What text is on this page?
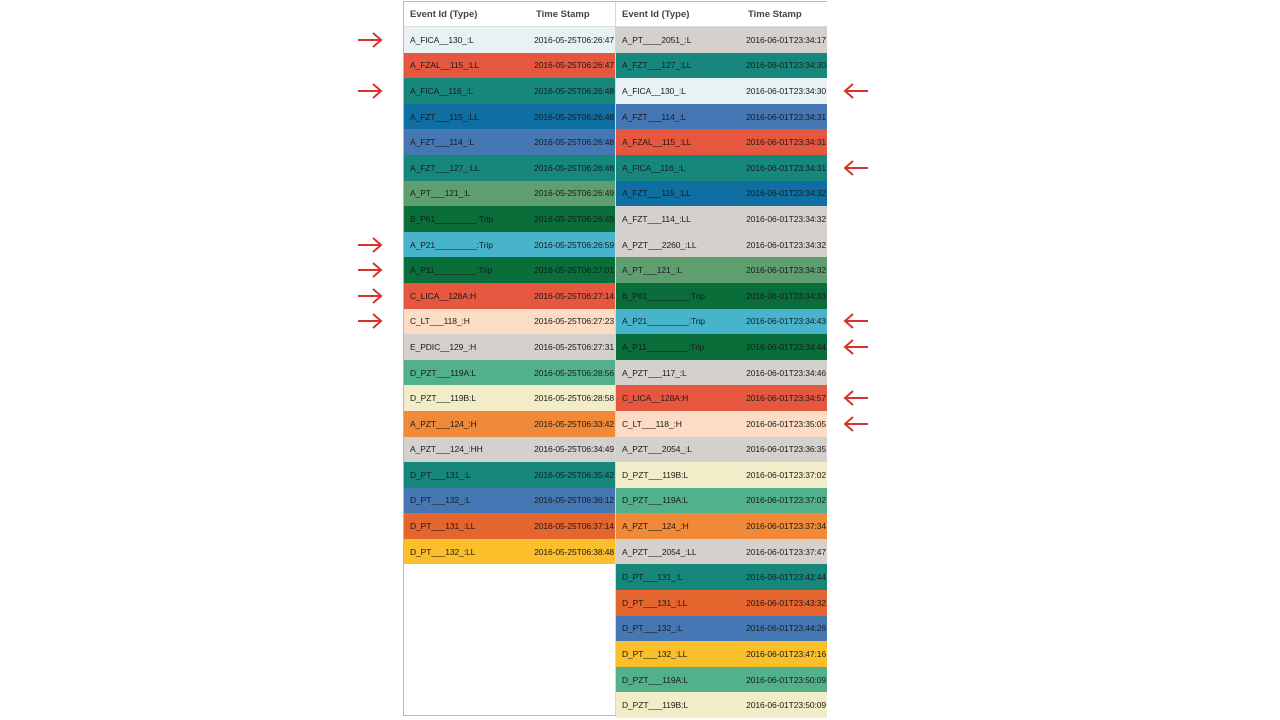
Event Id (Type)	Time Stamp
A_FICA__130_:L	2016-05-25T06:26:47
A_FZAL__115_:LL	2016-05-25T06:26:47
A_FICA__116_:L	2016-05-25T06:26:48
A_FZT___115_:LL	2016-05-25T06:26:48
A_FZT___114_:L	2016-05-25T06:26:48
A_FZT___127_:LL	2016-05-25T06:26:48
A_PT___121_:L	2016-05-25T06:26:49
B_P61_________:Trip	2016-05-25T06:26:49
A_P21_________:Trip	2016-05-25T06:26:59
A_P11_________:Trip	2016-05-25T06:27:01
C_LICA__128A:H	2016-05-25T06:27:14
C_LT___118_:H	2016-05-25T06:27:23
E_PDIC__129_:H	2016-05-25T06:27:31
D_PZT___119A:L	2016-05-25T06:28:56
D_PZT___119B:L	2016-05-25T06:28:58
A_PZT___124_:H	2016-05-25T06:33:42
A_PZT___124_:HH	2016-05-25T06:34:49
D_PT___131_:L	2016-05-25T06:35:42
D_PT___132_:L	2016-05-25T06:36:12
D_PT___131_:LL	2016-05-25T06:37:14
D_PT___132_:LL	2016-05-25T06:38:48
Event Id (Type)	Time Stamp
A_PT____2051_:L	2016-06-01T23:34:17
A_FZT___127_:LL	2016-06-01T23:34:30
A_FICA__130_:L	2016-06-01T23:34:30
A_FZT___114_:L	2016-06-01T23:34:31
A_FZAL__115_:LL	2016-06-01T23:34:31
A_FICA__116_:L	2016-06-01T23:34:31
A_FZT___115_:LL	2016-06-01T23:34:32
A_FZT___114_:LL	2016-06-01T23:34:32
A_PZT___2260_:LL	2016-06-01T23:34:32
A_PT___121_:L	2016-06-01T23:34:32
B_P61_________:Trip	2016-06-01T23:34:33
A_P21_________:Trip	2016-06-01T23:34:43
A_P11_________:Trip	2016-06-01T23:34:44
A_PZT___117_:L	2016-06-01T23:34:46
C_LICA__128A:H	2016-06-01T23:34:57
C_LT___118_:H	2016-06-01T23:35:05
A_PZT___2054_:L	2016-06-01T23:36:35
D_PZT___119B:L	2016-06-01T23:37:02
D_PZT___119A:L	2016-06-01T23:37:02
A_PZT___124_:H	2016-06-01T23:37:34
A_PZT___2054_:LL	2016-06-01T23:37:47
D_PT___131_:L	2016-06-01T23:42:44
D_PT___131_:LL	2016-06-01T23:43:32
D_PT___132_:L	2016-06-01T23:44:26
D_PT___132_:LL	2016-06-01T23:47:16
D_PZT___119A:L	2016-06-01T23:50:09
D_PZT___119B:L	2016-06-01T23:50:09
